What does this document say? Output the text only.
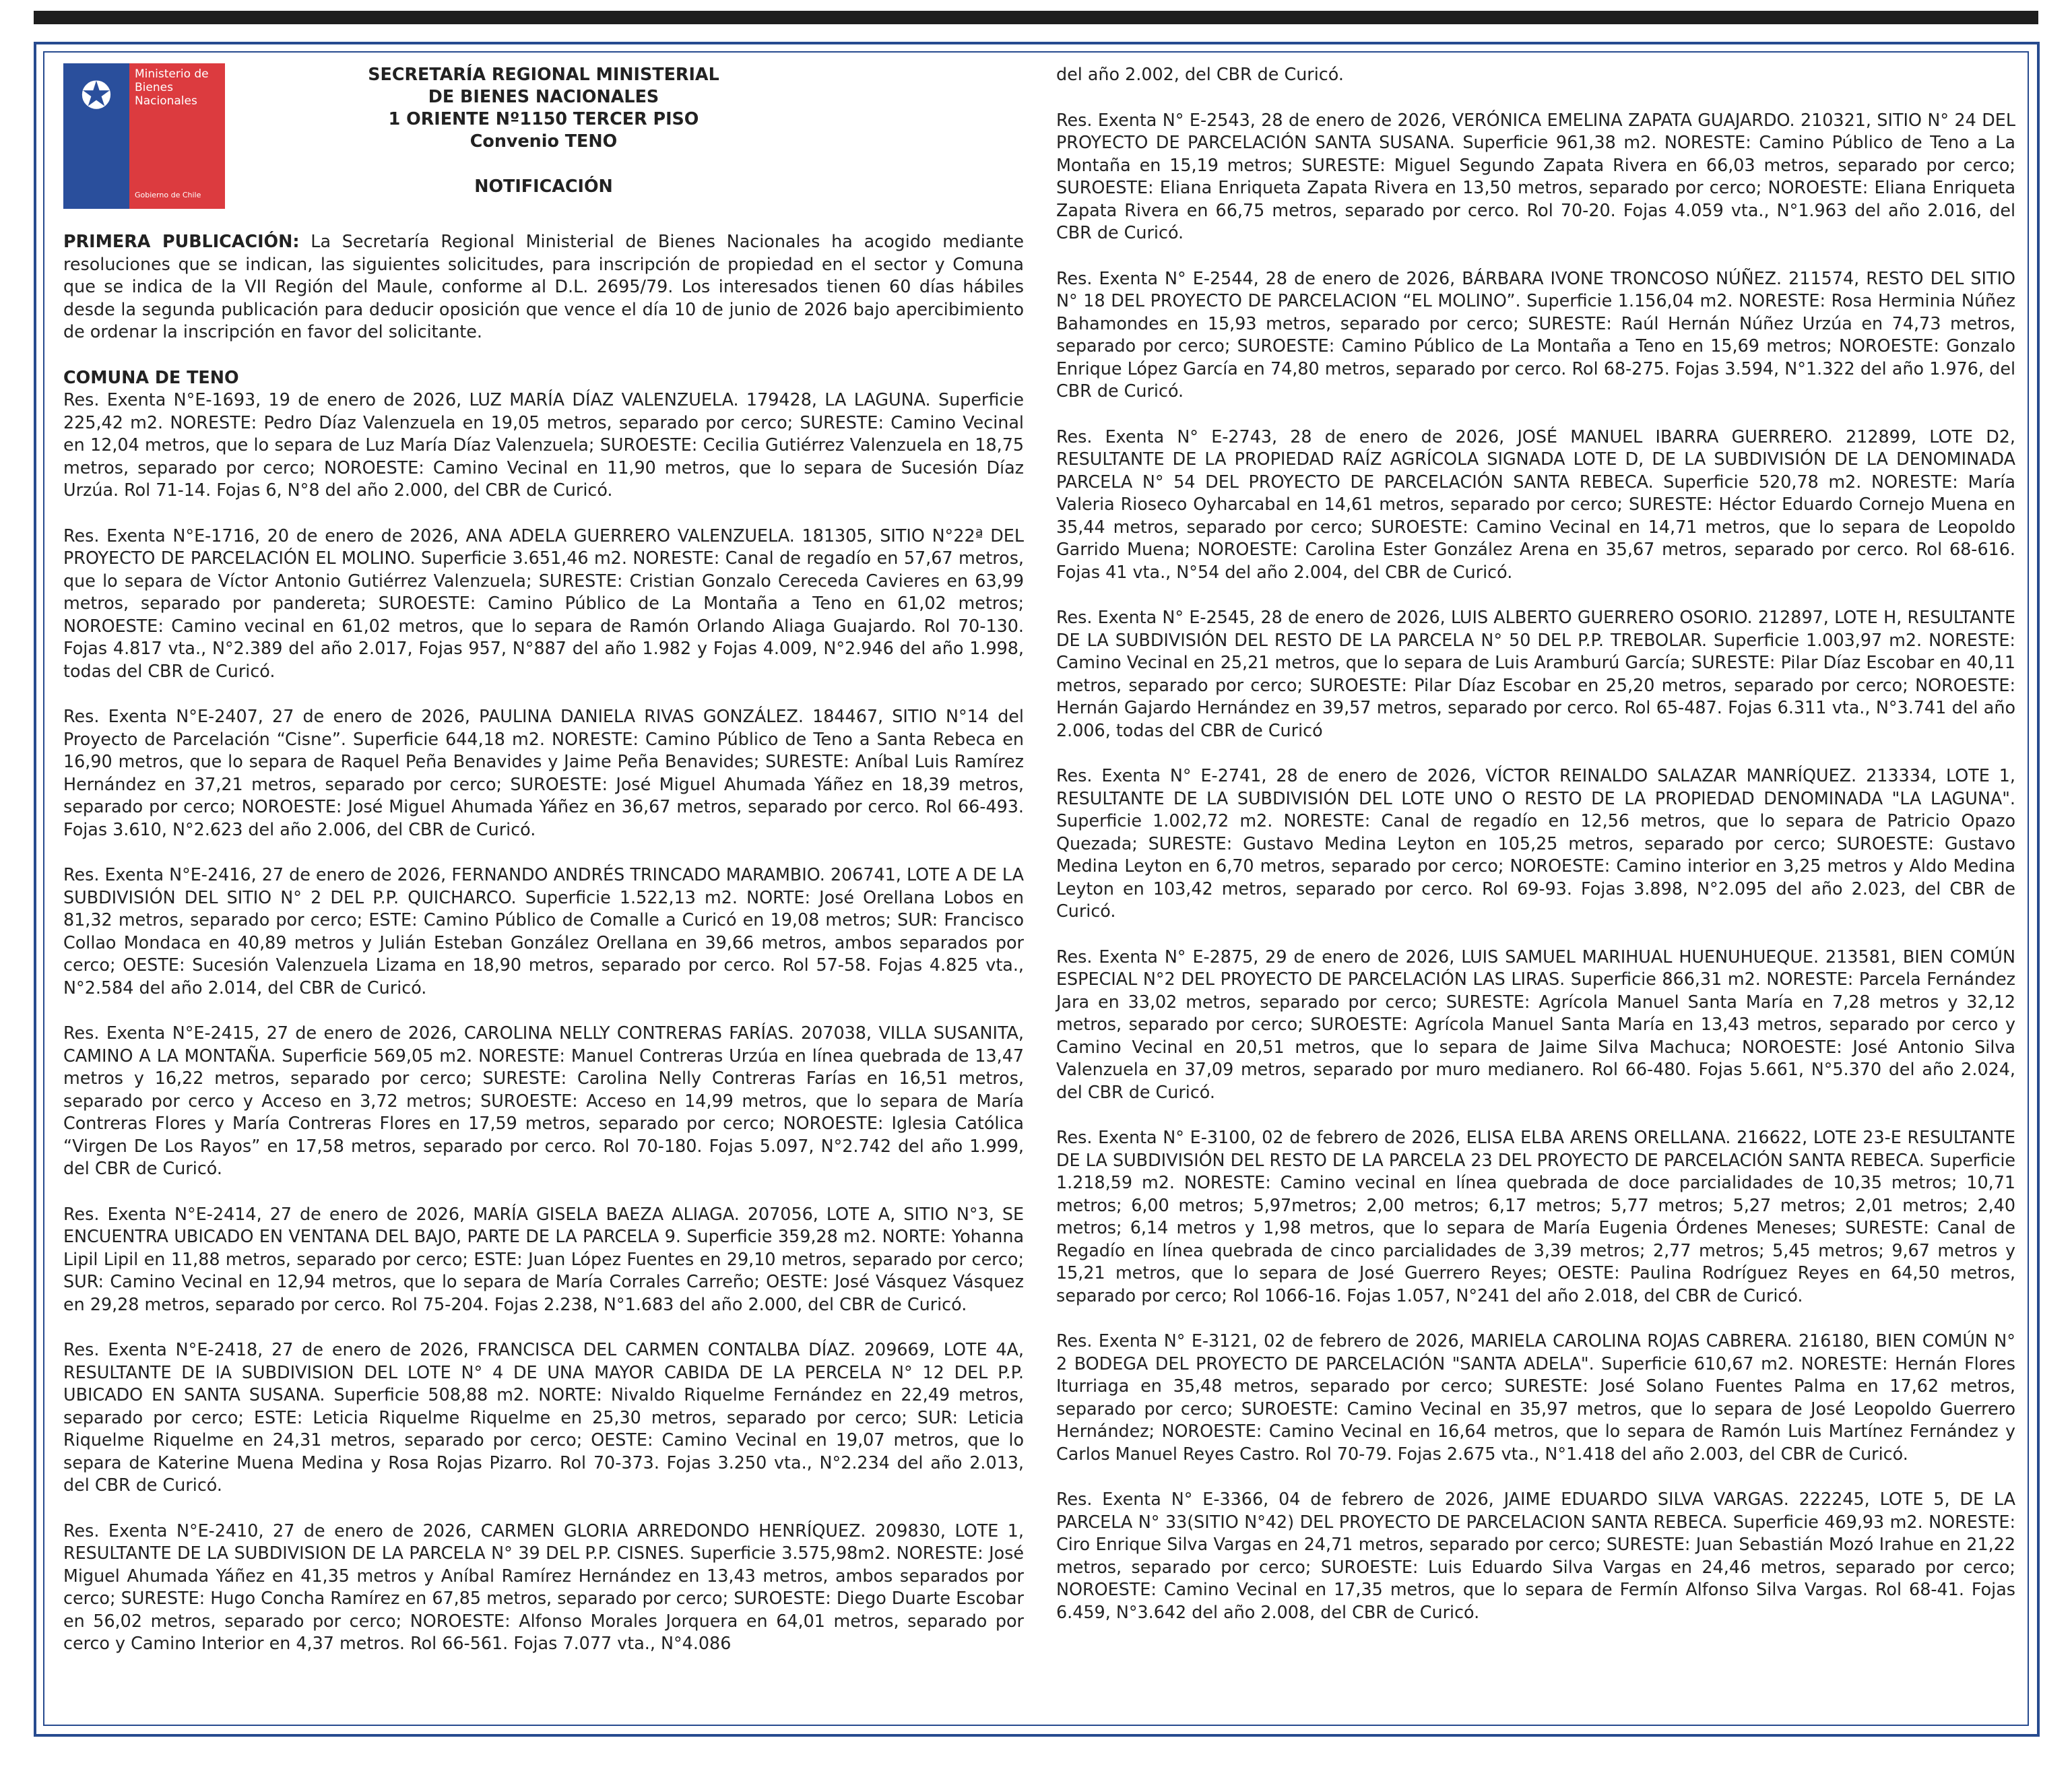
✪	Ministerio de
Bienes
Nacionales
Gobierno de Chile
SECRETARÍA REGIONAL MINISTERIAL
DE BIENES NACIONALES
1 ORIENTE Nº1150 TERCER PISO
Convenio TENO
NOTIFICACIÓN

PRIMERA PUBLICACIÓN: La Secretaría Regional Ministerial de Bienes Nacionales ha acogido mediante resoluciones que se indican, las siguientes solicitudes, para inscripción de propiedad en el sector y Comuna que se indica de la VII Región del Maule, conforme al D.L. 2695/79. Los interesados tienen 60 días hábiles desde la segunda publicación para deducir oposición que vence el día 10 de junio de 2026 bajo apercibimiento de ordenar la inscripción en favor del solicitante.

COMUNA DE TENO

Res. Exenta N°E-1693, 19 de enero de 2026, LUZ MARÍA DÍAZ VALENZUELA. 179428, LA LAGUNA. Superficie 225,42 m2. NORESTE: Pedro Díaz Valenzuela en 19,05 metros, separado por cerco; SURESTE: Camino Vecinal en 12,04 metros, que lo separa de Luz María Díaz Valenzuela; SUROESTE: Cecilia Gutiérrez Valenzuela en 18,75 metros, separado por cerco; NOROESTE: Camino Vecinal en 11,90 metros, que lo separa de Sucesión Díaz Urzúa. Rol 71-14. Fojas 6, N°8 del año 2.000, del CBR de Curicó.

Res. Exenta N°E-1716, 20 de enero de 2026, ANA ADELA GUERRERO VALENZUELA. 181305, SITIO N°22ª DEL PROYECTO DE PARCELACIÓN EL MOLINO. Superficie 3.651,46 m2. NORESTE: Canal de regadío en 57,67 metros, que lo separa de Víctor Antonio Gutiérrez Valenzuela; SURESTE: Cristian Gonzalo Cereceda Cavieres en 63,99 metros, separado por pandereta; SUROESTE: Camino Público de La Montaña a Teno en 61,02 metros; NOROESTE: Camino vecinal en 61,02 metros, que lo separa de Ramón Orlando Aliaga Guajardo. Rol 70-130. Fojas 4.817 vta., N°2.389 del año 2.017, Fojas 957, N°887 del año 1.982 y Fojas 4.009, N°2.946 del año 1.998, todas del CBR de Curicó.

Res. Exenta N°E-2407, 27 de enero de 2026, PAULINA DANIELA RIVAS GONZÁLEZ. 184467, SITIO N°14 del Proyecto de Parcelación “Cisne”. Superficie 644,18 m2. NORESTE: Camino Público de Teno a Santa Rebeca en 16,90 metros, que lo separa de Raquel Peña Benavides y Jaime Peña Benavides; SURESTE: Aníbal Luis Ramírez Hernández en 37,21 metros, separado por cerco; SUROESTE: José Miguel Ahumada Yáñez en 18,39 metros, separado por cerco; NOROESTE: José Miguel Ahumada Yáñez en 36,67 metros, separado por cerco. Rol 66-493. Fojas 3.610, N°2.623 del año 2.006, del CBR de Curicó.

Res. Exenta N°E-2416, 27 de enero de 2026, FERNANDO ANDRÉS TRINCADO MARAMBIO. 206741, LOTE A DE LA SUBDIVISIÓN DEL SITIO N° 2 DEL P.P. QUICHARCO. Superficie 1.522,13 m2. NORTE: José Orellana Lobos en 81,32 metros, separado por cerco; ESTE: Camino Público de Comalle a Curicó en 19,08 metros; SUR: Francisco Collao Mondaca en 40,89 metros y Julián Esteban González Orellana en 39,66 metros, ambos separados por cerco; OESTE: Sucesión Valenzuela Lizama en 18,90 metros, separado por cerco. Rol 57-58. Fojas 4.825 vta., N°2.584 del año 2.014, del CBR de Curicó.

Res. Exenta N°E-2415, 27 de enero de 2026, CAROLINA NELLY CONTRERAS FARÍAS. 207038, VILLA SUSANITA, CAMINO A LA MONTAÑA. Superficie 569,05 m2. NORESTE: Manuel Contreras Urzúa en línea quebrada de 13,47 metros y 16,22 metros, separado por cerco; SURESTE: Carolina Nelly Contreras Farías en 16,51 metros, separado por cerco y Acceso en 3,72 metros; SUROESTE: Acceso en 14,99 metros, que lo separa de María Contreras Flores y María Contreras Flores en 17,59 metros, separado por cerco; NOROESTE: Iglesia Católica “Virgen De Los Rayos” en 17,58 metros, separado por cerco. Rol 70-180. Fojas 5.097, N°2.742 del año 1.999, del CBR de Curicó.

Res. Exenta N°E-2414, 27 de enero de 2026, MARÍA GISELA BAEZA ALIAGA. 207056, LOTE A, SITIO N°3, SE ENCUENTRA UBICADO EN VENTANA DEL BAJO, PARTE DE LA PARCELA 9. Superficie 359,28 m2. NORTE: Yohanna Lipil Lipil en 11,88 metros, separado por cerco; ESTE: Juan López Fuentes en 29,10 metros, separado por cerco; SUR: Camino Vecinal en 12,94 metros, que lo separa de María Corrales Carreño; OESTE: José Vásquez Vásquez en 29,28 metros, separado por cerco. Rol 75-204. Fojas 2.238, N°1.683 del año 2.000, del CBR de Curicó.

Res. Exenta N°E-2418, 27 de enero de 2026, FRANCISCA DEL CARMEN CONTALBA DÍAZ. 209669, LOTE 4A, RESULTANTE DE lA SUBDIVISION DEL LOTE N° 4 DE UNA MAYOR CABIDA DE LA PERCELA N° 12 DEL P.P. UBICADO EN SANTA SUSANA. Superficie 508,88 m2. NORTE: Nivaldo Riquelme Fernández en 22,49 metros, separado por cerco; ESTE: Leticia Riquelme Riquelme en 25,30 metros, separado por cerco; SUR: Leticia Riquelme Riquelme en 24,31 metros, separado por cerco; OESTE: Camino Vecinal en 19,07 metros, que lo separa de Katerine Muena Medina y Rosa Rojas Pizarro. Rol 70-373. Fojas 3.250 vta., N°2.234 del año 2.013, del CBR de Curicó.

Res. Exenta N°E-2410, 27 de enero de 2026, CARMEN GLORIA ARREDONDO HENRÍQUEZ. 209830, LOTE 1, RESULTANTE DE LA SUBDIVISION DE LA PARCELA N° 39 DEL P.P. CISNES. Superficie 3.575,98m2. NORESTE: José Miguel Ahumada Yáñez en 41,35 metros y Aníbal Ramírez Hernández en 13,43 metros, ambos separados por cerco; SURESTE: Hugo Concha Ramírez en 67,85 metros, separado por cerco; SUROESTE: Diego Duarte Escobar en 56,02 metros, separado por cerco; NOROESTE: Alfonso Morales Jorquera en 64,01 metros, separado por cerco y Camino Interior en 4,37 metros. Rol 66-561. Fojas 7.077 vta., N°4.086

del año 2.002, del CBR de Curicó.

Res. Exenta N° E-2543, 28 de enero de 2026, VERÓNICA EMELINA ZAPATA GUAJARDO. 210321, SITIO N° 24 DEL PROYECTO DE PARCELACIÓN SANTA SUSANA. Superficie 961,38 m2. NORESTE: Camino Público de Teno a La Montaña en 15,19 metros; SURESTE: Miguel Segundo Zapata Rivera en 66,03 metros, separado por cerco; SUROESTE: Eliana Enriqueta Zapata Rivera en 13,50 metros, separado por cerco; NOROESTE: Eliana Enriqueta Zapata Rivera en 66,75 metros, separado por cerco. Rol 70-20. Fojas 4.059 vta., N°1.963 del año 2.016, del CBR de Curicó.

Res. Exenta N° E-2544, 28 de enero de 2026, BÁRBARA IVONE TRONCOSO NÚÑEZ. 211574, RESTO DEL SITIO N° 18 DEL PROYECTO DE PARCELACION “EL MOLINO”. Superficie 1.156,04 m2. NORESTE: Rosa Herminia Núñez Bahamondes en 15,93 metros, separado por cerco; SURESTE: Raúl Hernán Núñez Urzúa en 74,73 metros, separado por cerco; SUROESTE: Camino Público de La Montaña a Teno en 15,69 metros; NOROESTE: Gonzalo Enrique López García en 74,80 metros, separado por cerco. Rol 68-275. Fojas 3.594, N°1.322 del año 1.976, del CBR de Curicó.

Res. Exenta N° E-2743, 28 de enero de 2026, JOSÉ MANUEL IBARRA GUERRERO. 212899, LOTE D2, RESULTANTE DE LA PROPIEDAD RAÍZ AGRÍCOLA SIGNADA LOTE D, DE LA SUBDIVISIÓN DE LA DENOMINADA PARCELA N° 54 DEL PROYECTO DE PARCELACIÓN SANTA REBECA. Superficie 520,78 m2. NORESTE: María Valeria Rioseco Oyharcabal en 14,61 metros, separado por cerco; SURESTE: Héctor Eduardo Cornejo Muena en 35,44 metros, separado por cerco; SUROESTE: Camino Vecinal en 14,71 metros, que lo separa de Leopoldo Garrido Muena; NOROESTE: Carolina Ester González Arena en 35,67 metros, separado por cerco. Rol 68-616. Fojas 41 vta., N°54 del año 2.004, del CBR de Curicó.

Res. Exenta N° E-2545, 28 de enero de 2026, LUIS ALBERTO GUERRERO OSORIO. 212897, LOTE H, RESULTANTE DE LA SUBDIVISIÓN DEL RESTO DE LA PARCELA N° 50 DEL P.P. TREBOLAR. Superficie 1.003,97 m2. NORESTE: Camino Vecinal en 25,21 metros, que lo separa de Luis Aramburú García; SURESTE: Pilar Díaz Escobar en 40,11 metros, separado por cerco; SUROESTE: Pilar Díaz Escobar en 25,20 metros, separado por cerco; NOROESTE: Hernán Gajardo Hernández en 39,57 metros, separado por cerco. Rol 65-487. Fojas 6.311 vta., N°3.741 del año 2.006, todas del CBR de Curicó

Res. Exenta N° E-2741, 28 de enero de 2026, VÍCTOR REINALDO SALAZAR MANRÍQUEZ. 213334, LOTE 1, RESULTANTE DE LA SUBDIVISIÓN DEL LOTE UNO O RESTO DE LA PROPIEDAD DENOMINADA "LA LAGUNA". Superficie 1.002,72 m2. NORESTE: Canal de regadío en 12,56 metros, que lo separa de Patricio Opazo Quezada; SURESTE: Gustavo Medina Leyton en 105,25 metros, separado por cerco; SUROESTE: Gustavo Medina Leyton en 6,70 metros, separado por cerco; NOROESTE: Camino interior en 3,25 metros y Aldo Medina Leyton en 103,42 metros, separado por cerco. Rol 69-93. Fojas 3.898, N°2.095 del año 2.023, del CBR de Curicó.

Res. Exenta N° E-2875, 29 de enero de 2026, LUIS SAMUEL MARIHUAL HUENUHUEQUE. 213581, BIEN COMÚN ESPECIAL N°2 DEL PROYECTO DE PARCELACIÓN LAS LIRAS. Superficie 866,31 m2. NORESTE: Parcela Fernández Jara en 33,02 metros, separado por cerco; SURESTE: Agrícola Manuel Santa María en 7,28 metros y 32,12 metros, separado por cerco; SUROESTE: Agrícola Manuel Santa María en 13,43 metros, separado por cerco y Camino Vecinal en 20,51 metros, que lo separa de Jaime Silva Machuca; NOROESTE: José Antonio Silva Valenzuela en 37,09 metros, separado por muro medianero. Rol 66-480. Fojas 5.661, N°5.370 del año 2.024, del CBR de Curicó.

Res. Exenta N° E-3100, 02 de febrero de 2026, ELISA ELBA ARENS ORELLANA. 216622, LOTE 23-E RESULTANTE DE LA SUBDIVISIÓN DEL RESTO DE LA PARCELA 23 DEL PROYECTO DE PARCELACIÓN SANTA REBECA. Superficie 1.218,59 m2. NORESTE: Camino vecinal en línea quebrada de doce parcialidades de 10,35 metros; 10,71 metros; 6,00 metros; 5,97metros; 2,00 metros; 6,17 metros; 5,77 metros; 5,27 metros; 2,01 metros; 2,40 metros; 6,14 metros y 1,98 metros, que lo separa de María Eugenia Órdenes Meneses; SURESTE: Canal de Regadío en línea quebrada de cinco parcialidades de 3,39 metros; 2,77 metros; 5,45 metros; 9,67 metros y 15,21 metros, que lo separa de José Guerrero Reyes; OESTE: Paulina Rodríguez Reyes en 64,50 metros, separado por cerco; Rol 1066-16. Fojas 1.057, N°241 del año 2.018, del CBR de Curicó.

Res. Exenta N° E-3121, 02 de febrero de 2026, MARIELA CAROLINA ROJAS CABRERA. 216180, BIEN COMÚN N° 2 BODEGA DEL PROYECTO DE PARCELACIÓN "SANTA ADELA". Superficie 610,67 m2. NORESTE: Hernán Flores Iturriaga en 35,48 metros, separado por cerco; SURESTE: José Solano Fuentes Palma en 17,62 metros, separado por cerco; SUROESTE: Camino Vecinal en 35,97 metros, que lo separa de José Leopoldo Guerrero Hernández; NOROESTE: Camino Vecinal en 16,64 metros, que lo separa de Ramón Luis Martínez Fernández y Carlos Manuel Reyes Castro. Rol 70-79. Fojas 2.675 vta., N°1.418 del año 2.003, del CBR de Curicó.

Res. Exenta N° E-3366, 04 de febrero de 2026, JAIME EDUARDO SILVA VARGAS. 222245, LOTE 5, DE LA PARCELA N° 33(SITIO N°42) DEL PROYECTO DE PARCELACION SANTA REBECA. Superficie 469,93 m2. NORESTE: Ciro Enrique Silva Vargas en 24,71 metros, separado por cerco; SURESTE: Juan Sebastián Mozó Irahue en 21,22 metros, separado por cerco; SUROESTE: Luis Eduardo Silva Vargas en 24,46 metros, separado por cerco; NOROESTE: Camino Vecinal en 17,35 metros, que lo separa de Fermín Alfonso Silva Vargas. Rol 68-41. Fojas 6.459, N°3.642 del año 2.008, del CBR de Curicó.
